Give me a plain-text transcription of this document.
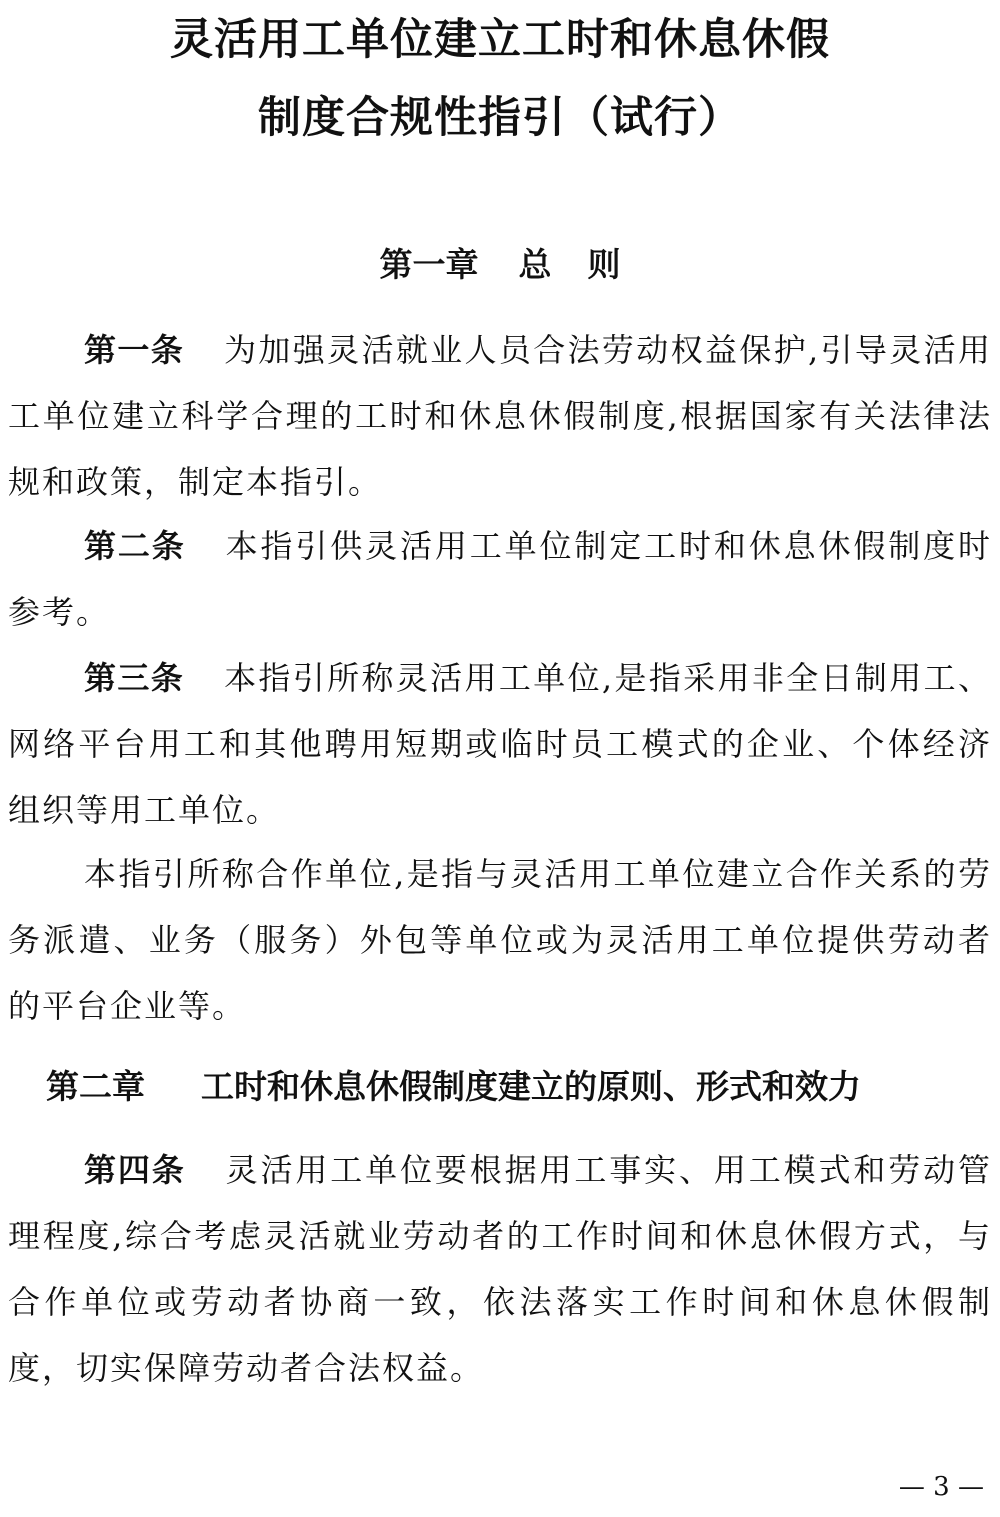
灵活用工单位建立工时和休息休假
制度合规性指引（试行）
第一章 总则

第一条 为加强灵活就业人员合法劳动权益保护,引导灵活用工单位建立科学合理的工时和休息休假制度,根据国家有关法律法规和政策，制定本指引。

第二条 本指引供灵活用工单位制定工时和休息休假制度时参考。

第三条 本指引所称灵活用工单位,是指采用非全日制用工、网络平台用工和其他聘用短期或临时员工模式的企业、个体经济组织等用工单位。

本指引所称合作单位,是指与灵活用工单位建立合作关系的劳务派遣、业务（服务）外包等单位或为灵活用工单位提供劳动者的平台企业等。

第二章 工时和休息休假制度建立的原则、形式和效力

第四条 灵活用工单位要根据用工事实、用工模式和劳动管理程度,综合考虑灵活就业劳动者的工作时间和休息休假方式，与合作单位或劳动者协商一致，依法落实工作时间和休息休假制度，切实保障劳动者合法权益。

— 3 —
